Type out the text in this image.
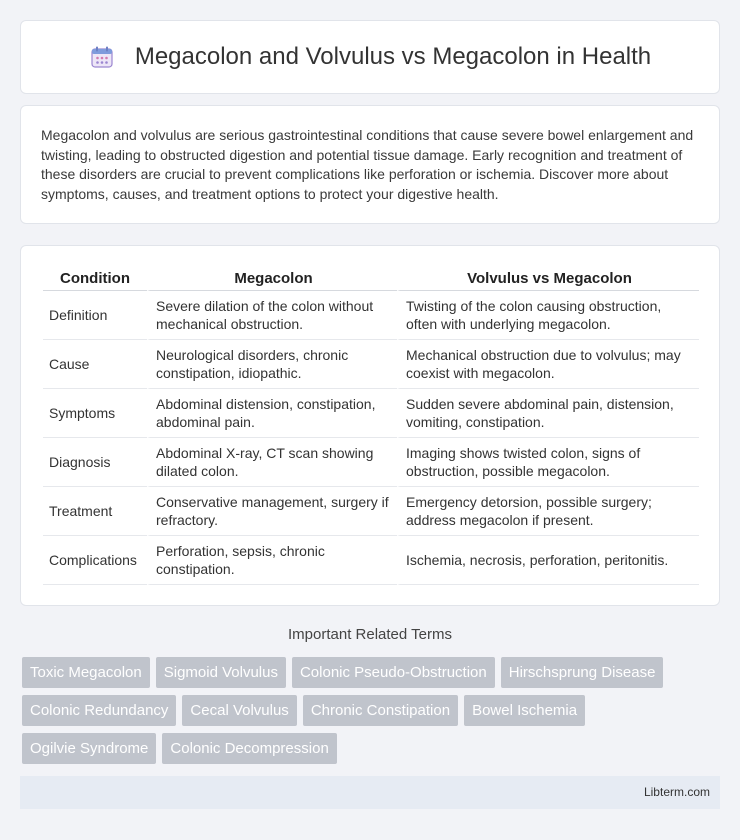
Megacolon and Volvulus vs Megacolon in Health

Megacolon and volvulus are serious gastrointestinal conditions that cause severe bowel enlargement and twisting, leading to obstructed digestion and potential tissue damage. Early recognition and treatment of these disorders are crucial to prevent complications like perforation or ischemia. Discover more about symptoms, causes, and treatment options to protect your digestive health.

Condition	Megacolon	Volvulus vs Megacolon
Definition	Severe dilation of the colon without mechanical obstruction.	Twisting of the colon causing obstruction, often with underlying megacolon.
Cause	Neurological disorders, chronic constipation, idiopathic.	Mechanical obstruction due to volvulus; may coexist with megacolon.
Symptoms	Abdominal distension, constipation, abdominal pain.	Sudden severe abdominal pain, distension, vomiting, constipation.
Diagnosis	Abdominal X-ray, CT scan showing dilated colon.	Imaging shows twisted colon, signs of obstruction, possible megacolon.
Treatment	Conservative management, surgery if refractory.	Emergency detorsion, possible surgery; address megacolon if present.
Complications	Perforation, sepsis, chronic constipation.	Ischemia, necrosis, perforation, peritonitis.
Important Related Terms
Toxic Megacolon	Sigmoid Volvulus	Colonic Pseudo-Obstruction	Hirschsprung Disease
Colonic Redundancy	Cecal Volvulus	Chronic Constipation	Bowel Ischemia
Ogilvie Syndrome	Colonic Decompression
Libterm.com
